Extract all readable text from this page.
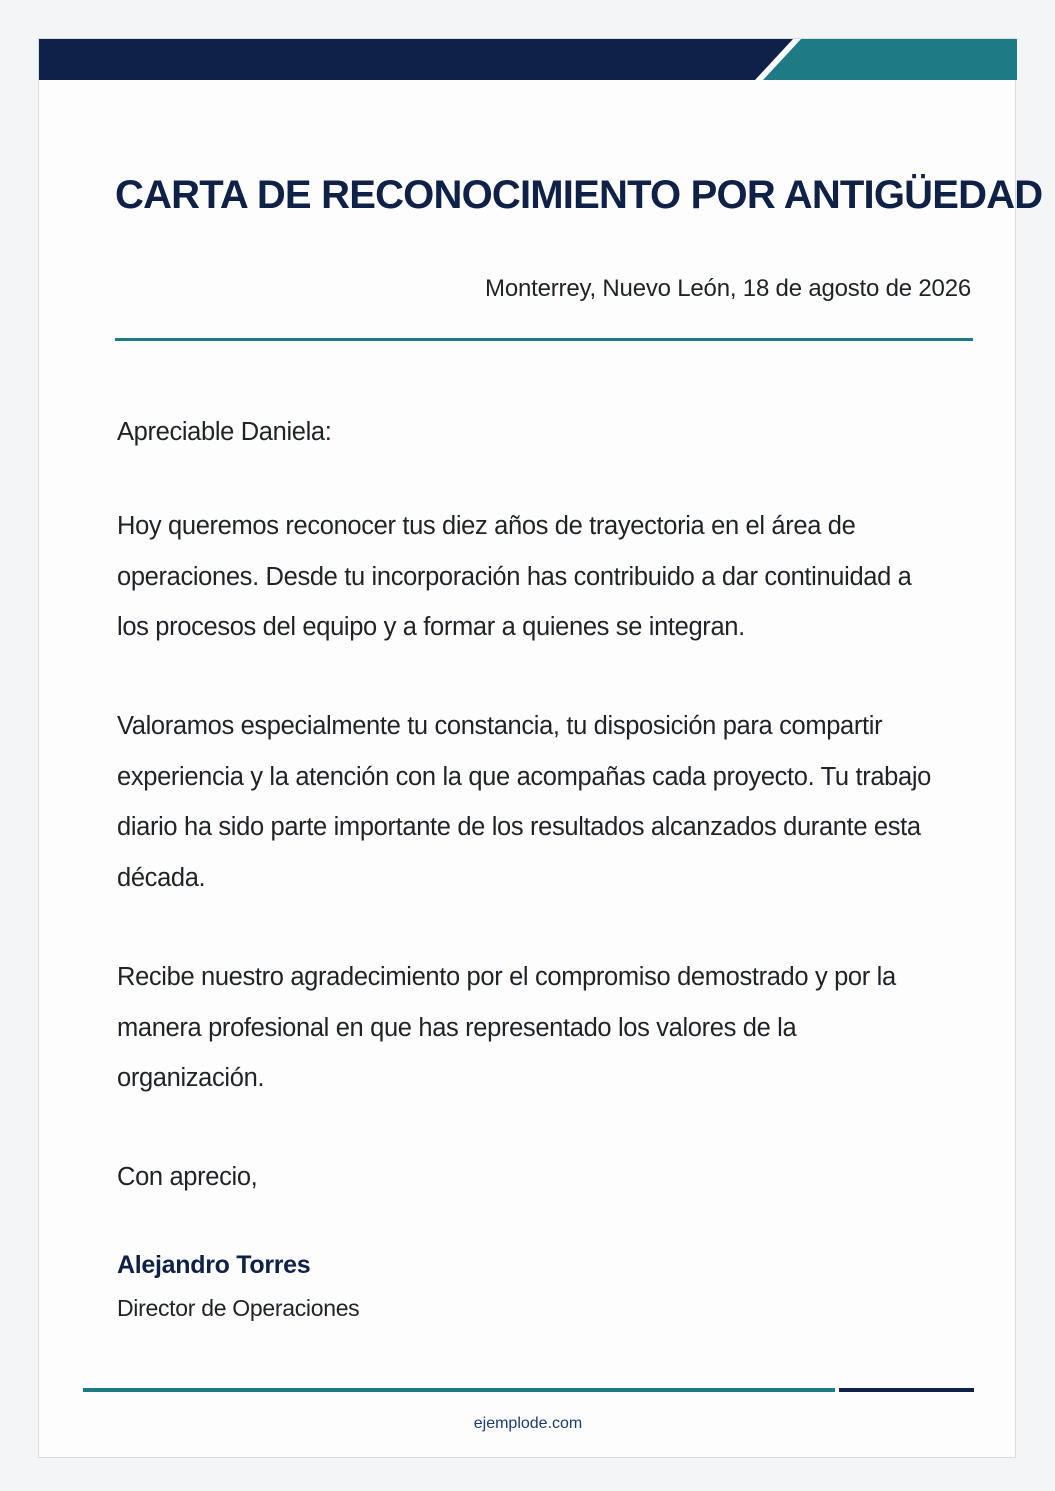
CARTA DE RECONOCIMIENTO POR ANTIGÜEDAD

Monterrey, Nuevo León, 18 de agosto de 2026

Apreciable Daniela:

Hoy queremos reconocer tus diez años de trayectoria en el área de operaciones. Desde tu incorporación has contribuido a dar continuidad a los procesos del equipo y a formar a quienes se integran.

Valoramos especialmente tu constancia, tu disposición para compartir experiencia y la atención con la que acompañas cada proyecto. Tu trabajo diario ha sido parte importante de los resultados alcanzados durante esta década.

Recibe nuestro agradecimiento por el compromiso demostrado y por la manera profesional en que has representado los valores de la organización.

Con aprecio,

Alejandro Torres

Director de Operaciones

ejemplode.com
